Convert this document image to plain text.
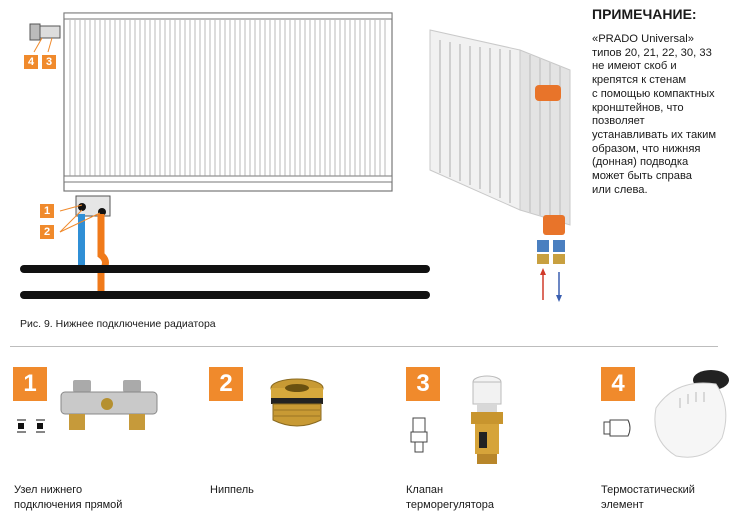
4	3
1
2
ПРИМЕЧАНИЕ:
«PRADO Universal»
типов 20, 21, 22, 30, 33
не имеют скоб и
крепятся к стенам
с помощью компактных
кронштейнов, что
позволяет
устанавливать их таким
образом, что нижняя
(донная) подводка
может быть справа
или слева.
Рис. 9. Нижнее подключение радиатора
1
Узел нижнего
подключения прямой
2
Ниппель
3
Клапан
терморегулятора
4
Термостатический
элемент
